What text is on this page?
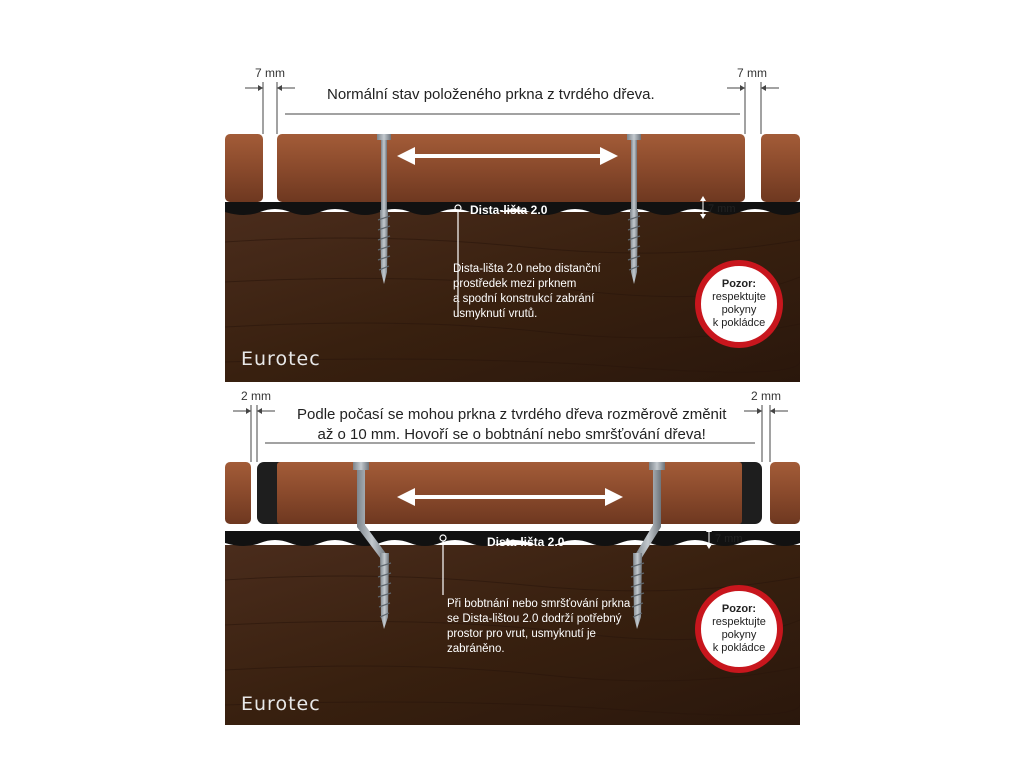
7 mm	7 mm
Normální stav položeného prkna z tvrdého dřeva.
Dista-lišta 2.0	7 mm
Dista-lišta 2.0 nebo distanční
prostředek mezi prknem
a spodní konstrukcí zabrání
usmyknutí vrutů.
Pozor:
respektujte
pokyny
k pokládce
Eurotec
2 mm	2 mm
Podle počasí se mohou prkna z tvrdého dřeva rozměrově změnit
až o 10 mm. Hovoří se o bobtnání nebo smršťování dřeva!
Dista-lišta 2.0	7 mm
Při bobtnání nebo smršťování prkna
se Dista-lištou 2.0 dodrží potřebný
prostor pro vrut, usmyknutí je
zabráněno.
Pozor:
respektujte
pokyny
k pokládce
Eurotec
